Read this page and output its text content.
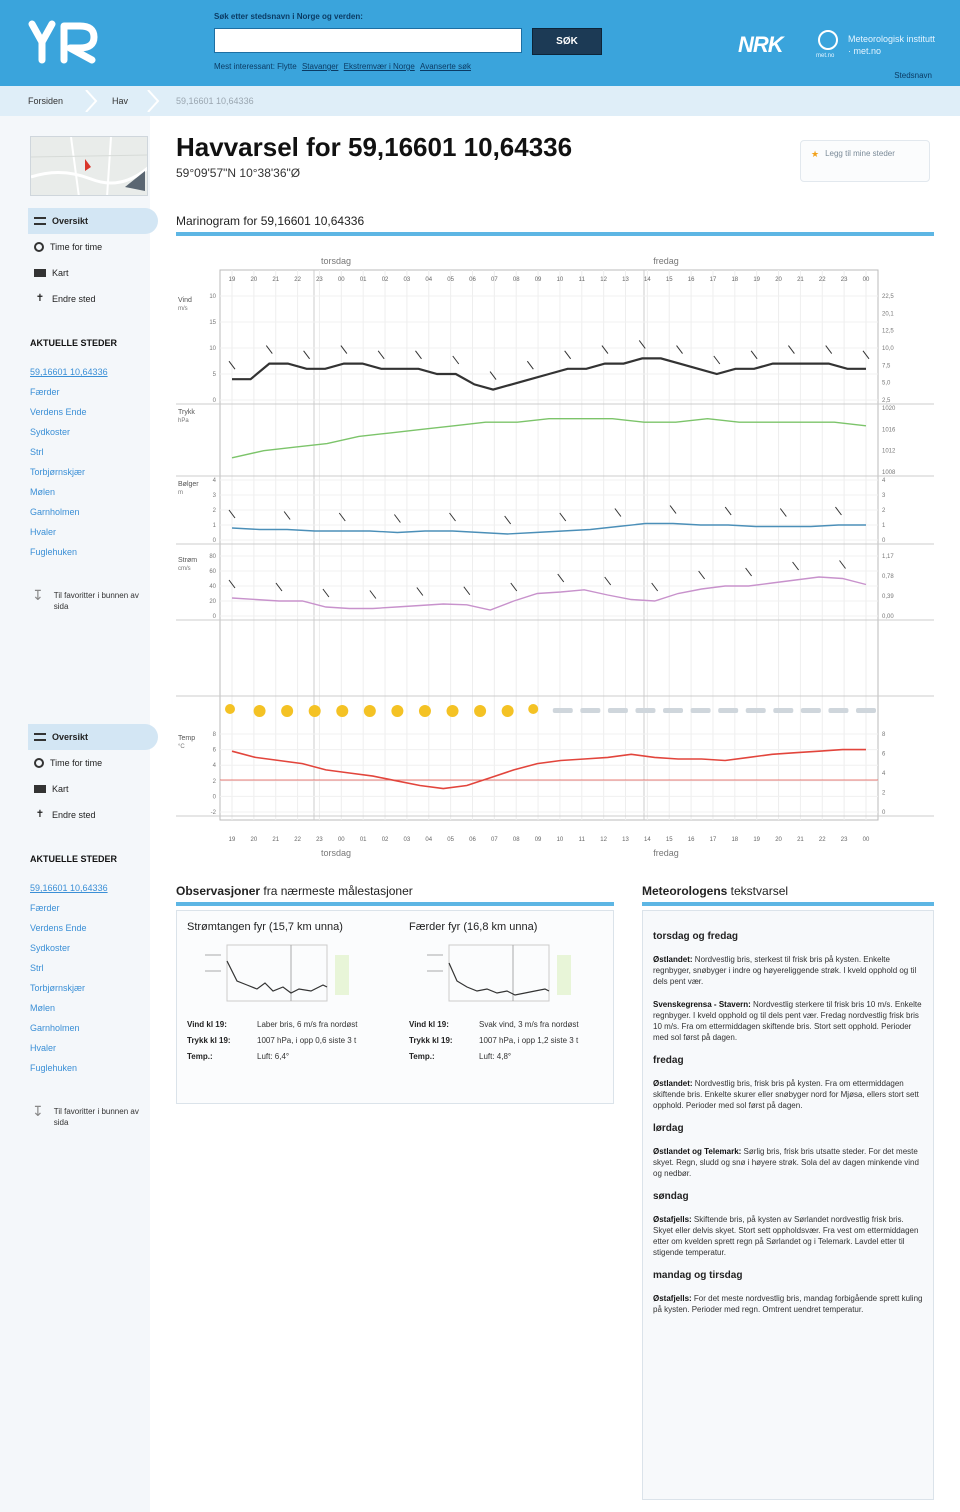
Søk etter stedsnavn i Norge og verden:
SØK
Mest interessant: Flytte Stavanger Ekstremvær i Norge Avanserte søk
NRK	met.no
Meteorologisk institutt · met.no
Stedsnavn
Forsiden	Hav	59,16601 10,64336
Oversikt
Time for time
Kart
✝ Endre sted
AKTUELLE STEDER
59,16601 10,64336
Færder
Verdens Ende
Sydkoster
Strl
Torbjørnskjær
Mølen
Garnholmen
Hvaler
Fuglehuken
↧ Til favoritter i bunnen av sida
Oversikt
Time for time
Kart
✝ Endre sted
AKTUELLE STEDER
59,16601 10,64336
Færder
Verdens Ende
Sydkoster
Strl
Torbjørnskjær
Mølen
Garnholmen
Hvaler
Fuglehuken
↧ Til favoritter i bunnen av sida
Havvarsel for 59,16601 10,64336
59°09'57"N 10°38'36"Ø
★ Legg til mine steder
Marinogram for 59,16601 10,64336
19
19
20
20
21
21
22
22
23
23
00
00
01
01
02
02
03
03
04
04
05
05
06
06
07
07
08
08
09
09
10
10
11
11
12
12
13
13
14
14
15
15
16
16
17
17
18
18
19
19
20
20
21
21
22
22
23
23
00
00
torsdag
torsdag
fredag
fredag
Vind
m/s
10
15
10
5
0
22,5
20,1
12,5
10,0
7,5
5,0
2,5
Trykk
hPa
1020
1016
1012
1008
Bølger
m
4
3
2
1
0
4
3
2
1
0
Strøm
cm/s
80
60
40
20
0
1,17
0,78
0,39
0,00
Temp
°C
8
6
4
2
0
-2
8
6
4
2
0
Observasjoner fra nærmeste målestasjoner
Strømtangen fyr (15,7 km unna)
Vind kl 19:	Laber bris, 6 m/s fra nordøst
Trykk kl 19:	1007 hPa, i opp 0,6 siste 3 t
Temp.:	Luft: 6,4°
Færder fyr (16,8 km unna)
Vind kl 19:	Svak vind, 3 m/s fra nordøst
Trykk kl 19:	1007 hPa, i opp 1,2 siste 3 t
Temp.:	Luft: 4,8°
Meteorologens tekstvarsel
torsdag og fredag
Østlandet: Nordvestlig bris, sterkest til frisk bris på kysten. Enkelte regnbyger, snøbyger i indre og høyereliggende strøk. I kveld opphold og til dels pent vær.
Svenskegrensa - Stavern: Nordvestlig sterkere til frisk bris 10 m/s. Enkelte regnbyger. I kveld opphold og til dels pent vær. Fredag nordvestlig frisk bris 10 m/s. Fra om ettermiddagen skiftende bris. Stort sett opphold. Perioder med sol først på dagen.
fredag
Østlandet: Nordvestlig bris, frisk bris på kysten. Fra om ettermiddagen skiftende bris. Enkelte skurer eller snøbyger nord for Mjøsa, ellers stort sett opphold. Perioder med sol først på dagen.
lørdag
Østlandet og Telemark: Sørlig bris, frisk bris utsatte steder. For det meste skyet. Regn, sludd og snø i høyere strøk. Sola del av dagen minkende vind og nedbør.
søndag
Østafjells: Skiftende bris, på kysten av Sørlandet nordvestlig frisk bris. Skyet eller delvis skyet. Stort sett oppholdsvær. Fra vest om ettermiddagen etter om kvelden sprett regn på Sørlandet og i Telemark. Lavdel etter til stigende temperatur.
mandag og tirsdag
Østafjells: For det meste nordvestlig bris, mandag forbigående sprett kuling på kysten. Perioder med regn. Omtrent uendret temperatur.
